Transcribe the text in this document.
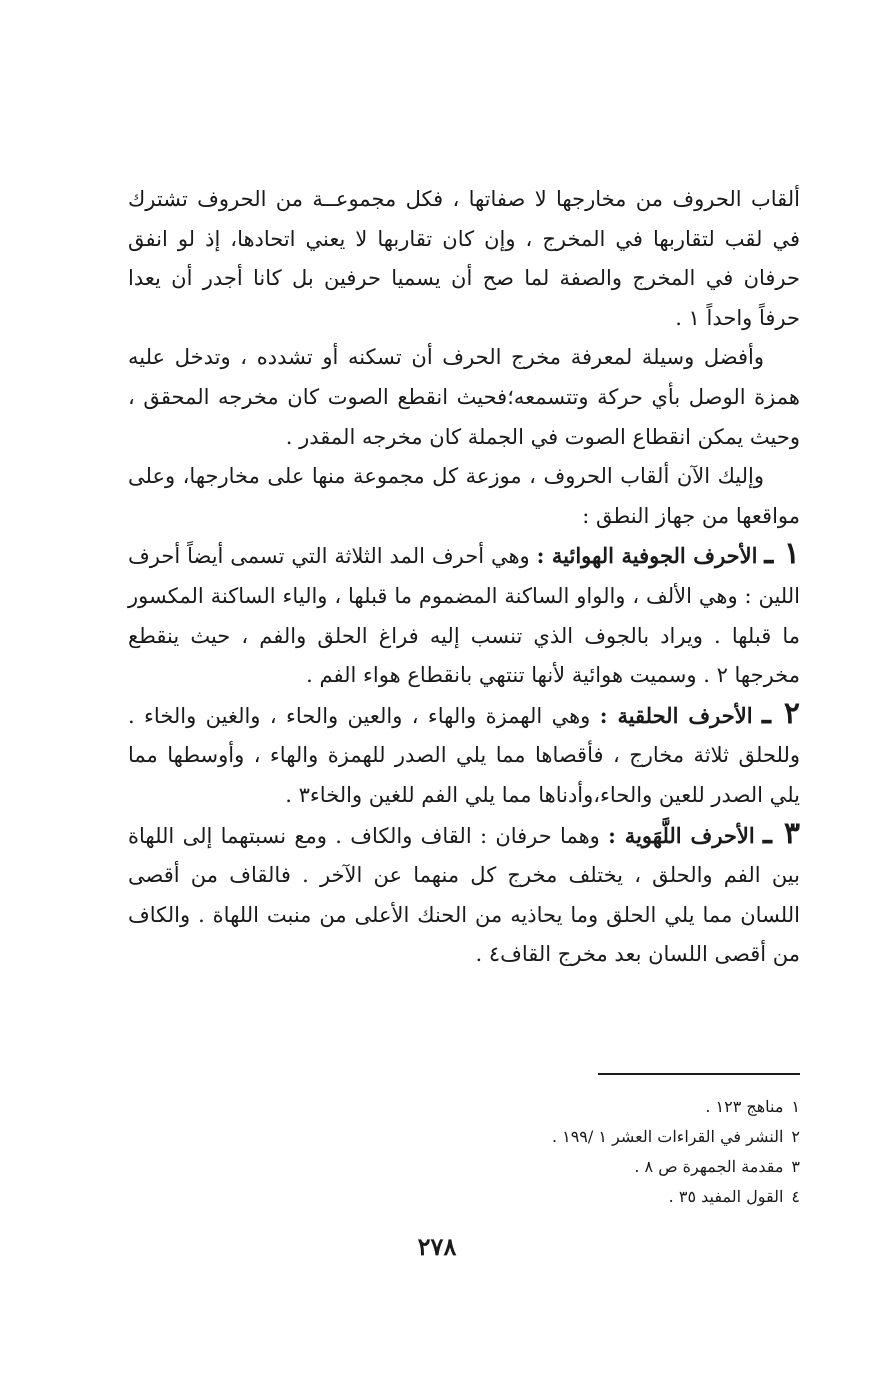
ألقاب الحروف من مخارجها لا صفاتها ، فكل مجموعــة من الحروف تشترك في لقب لتقاربها في المخرج ، وإن كان تقاربها لا يعني اتحادها، إذ لو انفق حرفان في المخرج والصفة لما صح أن يسميا حرفين بل كانا أجدر أن يعدا حرفاً واحداً ١ .

وأفضل وسيلة لمعرفة مخرج الحرف أن تسكنه أو تشدده ، وتدخل عليه همزة الوصل بأي حركة وتتسمعه؛فحيث انقطع الصوت كان مخرجه المحقق ، وحيث يمكن انقطاع الصوت في الجملة كان مخرجه المقدر .

وإليك الآن ألقاب الحروف ، موزعة كل مجموعة منها على مخارجها، وعلى مواقعها من جهاز النطق :

١ ـ الأحرف الجوفية الهوائية : وهي أحرف المد الثلاثة التي تسمى أيضاً أحرف اللين : وهي الألف ، والواو الساكنة المضموم ما قبلها ، والياء الساكنة المكسور ما قبلها . ويراد بالجوف الذي تنسب إليه فراغ الحلق والفم ، حيث ينقطع مخرجها ٢ . وسميت هوائية لأنها تنتهي بانقطاع هواء الفم .

٢ ـ الأحرف الحلقية : وهي الهمزة والهاء ، والعين والحاء ، والغين والخاء . وللحلق ثلاثة مخارج ، فأقصاها مما يلي الصدر للهمزة والهاء ، وأوسطها مما يلي الصدر للعين والحاء،وأدناها مما يلي الفم للغين والخاء٣ .

٣ ـ الأحرف اللَّهَوية : وهما حرفان : القاف والكاف . ومع نسبتهما إلى اللهاة بين الفم والحلق ، يختلف مخرج كل منهما عن الآخر . فالقاف من أقصى اللسان مما يلي الحلق وما يحاذيه من الحنك الأعلى من منبت اللهاة . والكاف من أقصى اللسان بعد مخرج القاف٤ .

١مناهج ١٢٣ .
٢النشر في القراءات العشر ١ /١٩٩ .
٣مقدمة الجمهرة ص ٨ .
٤القول المفيد ٣٥ .
٢٧٨
